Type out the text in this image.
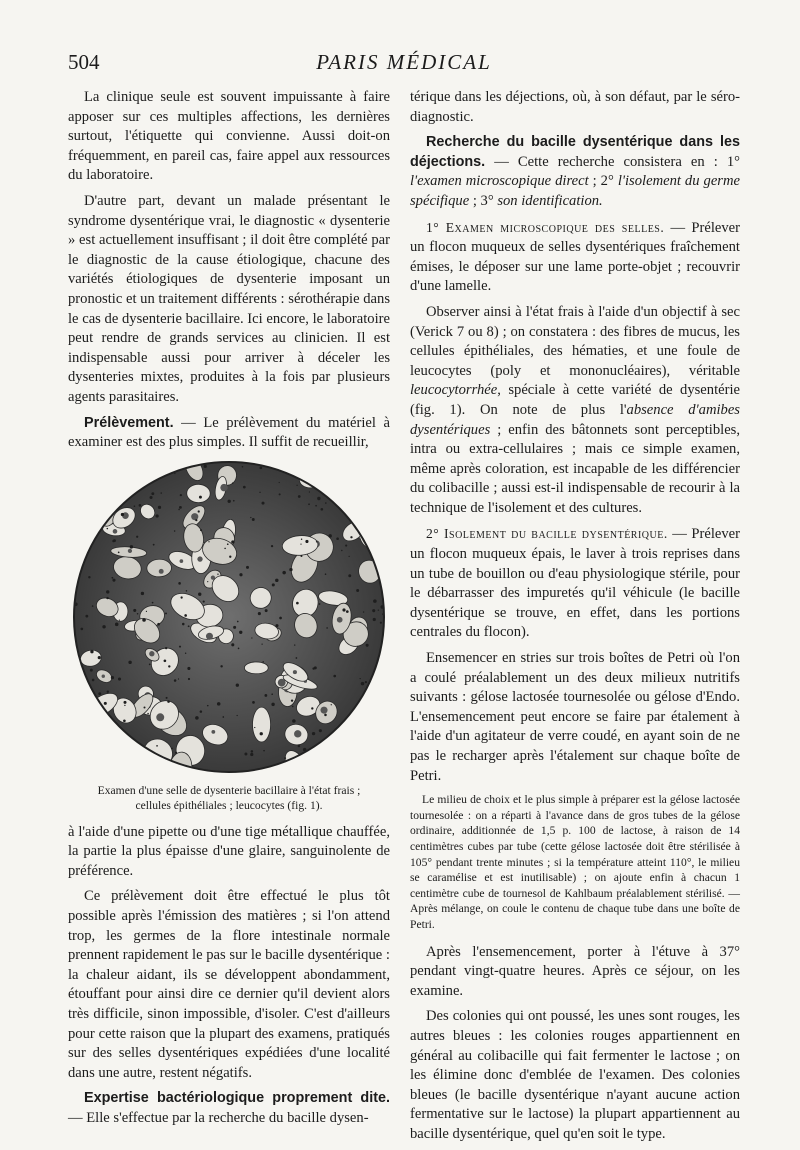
504	PARIS MÉDICAL

La clinique seule est souvent impuissante à faire apposer sur ces multiples affections, les dernières surtout, l'étiquette qui convienne. Aussi doit-on fréquemment, en pareil cas, faire appel aux ressources du laboratoire.

D'autre part, devant un malade présentant le syndrome dysentérique vrai, le diagnostic « dysenterie » est actuellement insuffisant ; il doit être complété par le diagnostic de la cause étiologique, chacune des variétés étiologiques de dysenterie imposant un pronostic et un traitement différents : sérothérapie dans le cas de dysenterie bacillaire. Ici encore, le laboratoire peut rendre de grands services au clinicien. Il est indispensable aussi pour arriver à déceler les dysenteries mixtes, produites à la fois par plusieurs agents parasitaires.

Prélèvement. — Le prélèvement du matériel à examiner est des plus simples. Il suffit de recueillir,

Examen d'une selle de dysenterie bacillaire à l'état frais ; cellules épithéliales ; leucocytes (fig. 1).

à l'aide d'une pipette ou d'une tige métallique chauffée, la partie la plus épaisse d'une glaire, sanguinolente de préférence.

Ce prélèvement doit être effectué le plus tôt possible après l'émission des matières ; si l'on attend trop, les germes de la flore intestinale normale prennent rapidement le pas sur le bacille dysentérique : la chaleur aidant, ils se développent abondamment, étouffant pour ainsi dire ce dernier qu'il devient alors très difficile, sinon impossible, d'isoler. C'est d'ailleurs pour cette raison que la plupart des examens, pratiqués sur des selles dysentériques expédiées d'une localité dans une autre, restent négatifs.

Expertise bactériologique proprement dite. — Elle s'effectue par la recherche du bacille dysen-

térique dans les déjections, où, à son défaut, par le séro-diagnostic.

Recherche du bacille dysentérique dans les déjections. — Cette recherche consistera en : 1° l'examen microscopique direct ; 2° l'isolement du germe spécifique ; 3° son identification.

1° Examen microscopique des selles. — Prélever un flocon muqueux de selles dysentériques fraîchement émises, le déposer sur une lame porte-objet ; recouvrir d'une lamelle.

Observer ainsi à l'état frais à l'aide d'un objectif à sec (Verick 7 ou 8) ; on constatera : des fibres de mucus, les cellules épithéliales, des hématies, et une foule de leucocytes (poly et mononucléaires), véritable leucocytorrhée, spéciale à cette variété de dysentérie (fig. 1). On note de plus l'absence d'amibes dysentériques ; enfin des bâtonnets sont perceptibles, intra ou extra-cellulaires ; mais ce simple examen, même après coloration, est incapable de les différencier du colibacille ; aussi est-il indispensable de recourir à la technique de l'isolement et des cultures.

2° Isolement du bacille dysentérique. — Prélever un flocon muqueux épais, le laver à trois reprises dans un tube de bouillon ou d'eau physiologique stérile, pour le débarrasser des impuretés qu'il véhicule (le bacille dysentérique se trouve, en effet, dans les portions centrales du flocon).

Ensemencer en stries sur trois boîtes de Petri où l'on a coulé préalablement un des deux milieux nutritifs suivants : gélose lactosée tournesolée ou gélose d'Endo. L'ensemencement peut encore se faire par étalement à l'aide d'un agitateur de verre coudé, en ayant soin de ne pas le recharger après l'étalement sur chaque boîte de Petri.

Le milieu de choix et le plus simple à préparer est la gélose lactosée tournesolée : on a réparti à l'avance dans de gros tubes de la gélose ordinaire, additionnée de 1,5 p. 100 de lactose, à raison de 14 centimètres cubes par tube (cette gélose lactosée doit être stérilisée à 105° pendant trente minutes ; si la température atteint 110°, le milieu se caramélise et est inutilisable) ; on ajoute enfin à chacun 1 centimètre cube de tournesol de Kahlbaum préalablement stérilisé. — Après mélange, on coule le contenu de chaque tube dans une boîte de Petri.

Après l'ensemencement, porter à l'étuve à 37° pendant vingt-quatre heures. Après ce séjour, on les examine.

Des colonies qui ont poussé, les unes sont rouges, les autres bleues : les colonies rouges appartiennent en général au colibacille qui fait fermenter le lactose ; on les élimine donc d'emblée de l'examen. Des colonies bleues (le bacille dysentérique n'ayant aucune action fermentative sur le lactose) la plupart appartiennent au bacille dysentérique, quel qu'en soit le type.
